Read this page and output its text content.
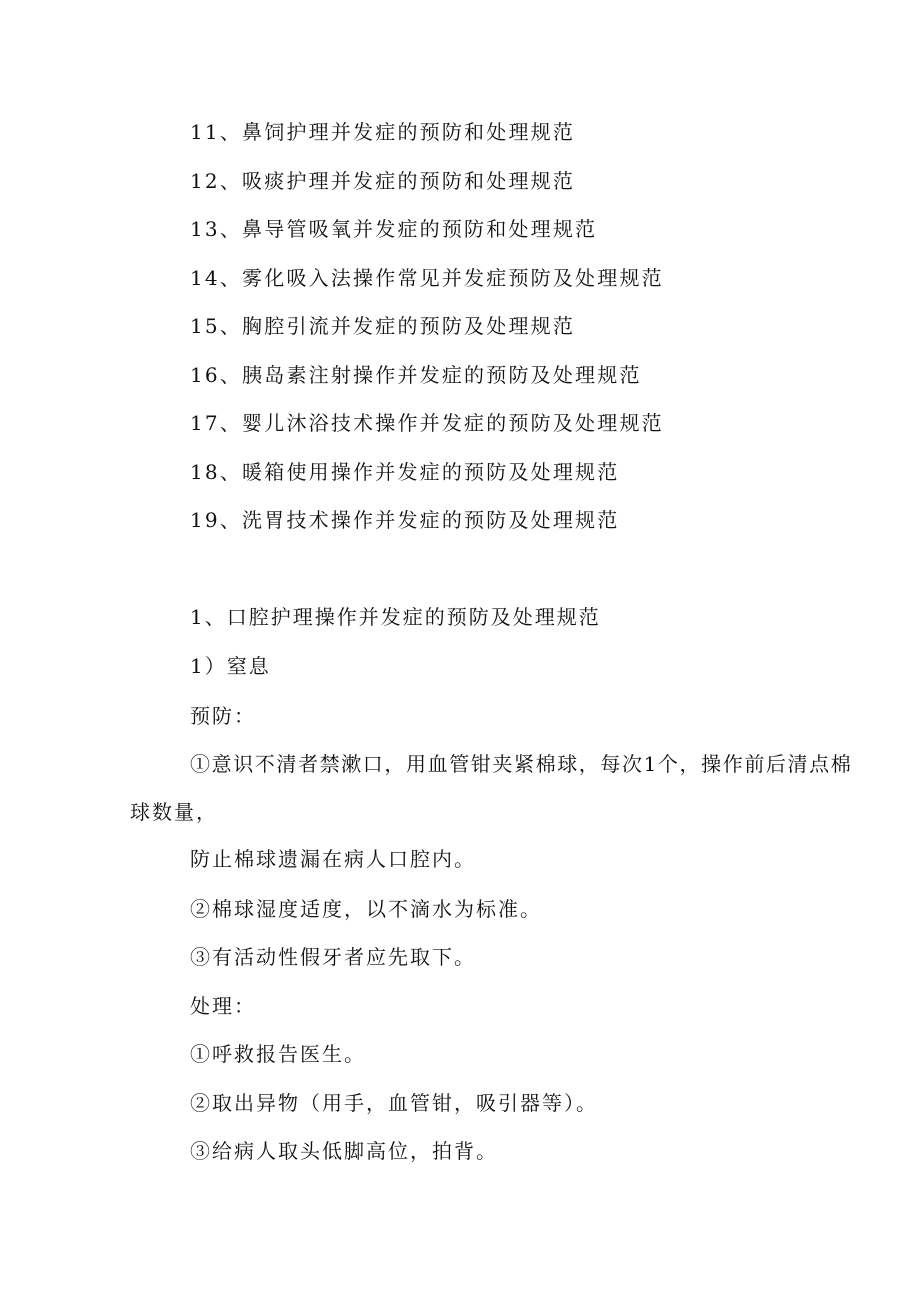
11、鼻饲护理并发症的预防和处理规范
12、吸痰护理并发症的预防和处理规范
13、鼻导管吸氧并发症的预防和处理规范
14、雾化吸入法操作常见并发症预防及处理规范
15、胸腔引流并发症的预防及处理规范
16、胰岛素注射操作并发症的预防及处理规范
17、婴儿沐浴技术操作并发症的预防及处理规范
18、暖箱使用操作并发症的预防及处理规范
19、洗胃技术操作并发症的预防及处理规范
1、口腔护理操作并发症的预防及处理规范
1）窒息
预防：
①意识不清者禁漱口，用血管钳夹紧棉球，每次1个，操作前后清点棉
球数量，
防止棉球遗漏在病人口腔内。
②棉球湿度适度，以不滴水为标准。
③有活动性假牙者应先取下。
处理：
①呼救报告医生。
②取出异物（用手，血管钳，吸引器等）。
③给病人取头低脚高位，拍背。
